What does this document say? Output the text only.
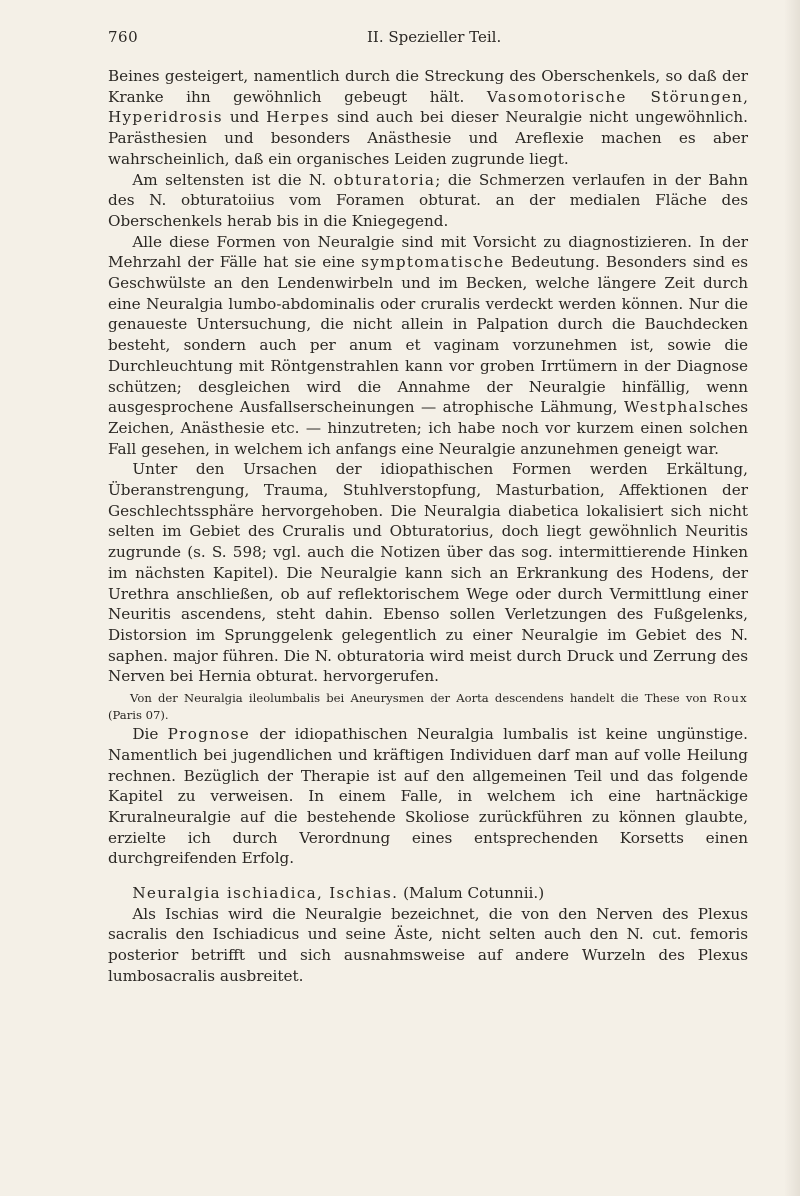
760	II. Spezieller Teil.

Beines gesteigert, namentlich durch die Streckung des Oberschenkels, so daß der Kranke ihn gewöhnlich gebeugt hält. Vasomotorische Störungen, Hyperidrosis und Herpes sind auch bei dieser Neuralgie nicht ungewöhnlich. Parästhesien und besonders Anästhesie und Areflexie machen es aber wahrscheinlich, daß ein organisches Leiden zugrunde liegt.

Am seltensten ist die N. obturatoria; die Schmerzen verlaufen in der Bahn des N. obturatoiius vom Foramen obturat. an der medialen Fläche des Oberschenkels herab bis in die Kniegegend.

Alle diese Formen von Neuralgie sind mit Vorsicht zu diagnostizieren. In der Mehrzahl der Fälle hat sie eine symptomatische Bedeutung. Besonders sind es Geschwülste an den Lendenwirbeln und im Becken, welche längere Zeit durch eine Neuralgia lumbo-abdominalis oder cruralis verdeckt werden können. Nur die genaueste Untersuchung, die nicht allein in Palpation durch die Bauchdecken besteht, sondern auch per anum et vaginam vorzunehmen ist, sowie die Durchleuchtung mit Röntgenstrahlen kann vor groben Irrtümern in der Diagnose schützen; desgleichen wird die Annahme der Neuralgie hinfällig, wenn ausgesprochene Ausfallserscheinungen — atrophische Lähmung, Westphalsches Zeichen, Anästhesie etc. — hinzutreten; ich habe noch vor kurzem einen solchen Fall gesehen, in welchem ich anfangs eine Neuralgie anzunehmen geneigt war.

Unter den Ursachen der idiopathischen Formen werden Erkältung, Überanstrengung, Trauma, Stuhlverstopfung, Masturbation, Affektionen der Geschlechtssphäre hervorgehoben. Die Neuralgia diabetica lokalisiert sich nicht selten im Gebiet des Cruralis und Obturatorius, doch liegt gewöhnlich Neuritis zugrunde (s. S. 598; vgl. auch die Notizen über das sog. intermittierende Hinken im nächsten Kapitel). Die Neuralgie kann sich an Erkrankung des Hodens, der Urethra anschließen, ob auf reflektorischem Wege oder durch Vermittlung einer Neuritis ascendens, steht dahin. Ebenso sollen Verletzungen des Fußgelenks, Distorsion im Sprunggelenk gelegentlich zu einer Neuralgie im Gebiet des N. saphen. major führen. Die N. obturatoria wird meist durch Druck und Zerrung des Nerven bei Hernia obturat. hervorgerufen.

Von der Neuralgia ileolumbalis bei Aneurysmen der Aorta descendens handelt die These von Roux (Paris 07).

Die Prognose der idiopathischen Neuralgia lumbalis ist keine ungünstige. Namentlich bei jugendlichen und kräftigen Individuen darf man auf volle Heilung rechnen. Bezüglich der Therapie ist auf den allgemeinen Teil und das folgende Kapitel zu verweisen. In einem Falle, in welchem ich eine hartnäckige Kruralneuralgie auf die bestehende Skoliose zurückführen zu können glaubte, erzielte ich durch Verordnung eines entsprechenden Korsetts einen durchgreifenden Erfolg.

Neuralgia ischiadica, Ischias. (Malum Cotunnii.)

Als Ischias wird die Neuralgie bezeichnet, die von den Nerven des Plexus sacralis den Ischiadicus und seine Äste, nicht selten auch den N. cut. femoris posterior betrifft und sich ausnahmsweise auf andere Wurzeln des Plexus lumbosacralis ausbreitet.
